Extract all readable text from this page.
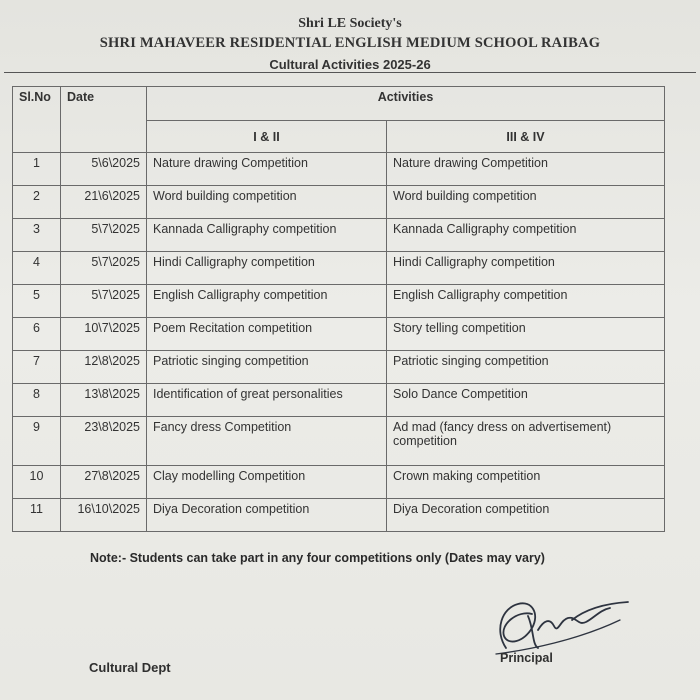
Shri LE Society's
SHRI MAHAVEER RESIDENTIAL ENGLISH MEDIUM SCHOOL RAIBAG
Cultural Activities 2025-26
Sl.No	Date	Activities	
		I & II	III & IV
1	5\6\2025	Nature drawing Competition	Nature drawing Competition
2	21\6\2025	Word building competition	Word building competition
3	5\7\2025	Kannada Calligraphy competition	Kannada Calligraphy competition
4	5\7\2025	Hindi Calligraphy competition	Hindi Calligraphy competition
5	5\7\2025	English Calligraphy competition	English Calligraphy competition
6	10\7\2025	Poem Recitation competition	Story telling competition
7	12\8\2025	Patriotic singing competition	Patriotic singing competition
8	13\8\2025	Identification of great personalities	Solo Dance Competition
9	23\8\2025	Fancy dress Competition	Ad mad (fancy dress on advertisement) competition
10	27\8\2025	Clay modelling Competition	Crown making competition
11	16\10\2025	Diya Decoration competition	Diya Decoration competition
Note:- Students can take part in any four competitions only (Dates may vary)
Cultural Dept
Principal
